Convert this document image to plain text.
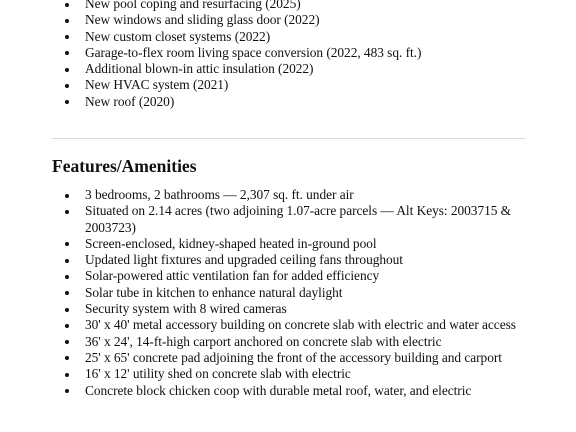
New pool coping and resurfacing (2025)
New windows and sliding glass door (2022)
New custom closet systems (2022)
Garage-to-flex room living space conversion (2022, 483 sq. ft.)
Additional blown-in attic insulation (2022)
New HVAC system (2021)
New roof (2020)
Features/Amenities
3 bedrooms, 2 bathrooms — 2,307 sq. ft. under air
Situated on 2.14 acres (two adjoining 1.07-acre parcels — Alt Keys: 2003715 & 2003723)
Screen-enclosed, kidney-shaped heated in-ground pool
Updated light fixtures and upgraded ceiling fans throughout
Solar-powered attic ventilation fan for added efficiency
Solar tube in kitchen to enhance natural daylight
Security system with 8 wired cameras
30' x 40' metal accessory building on concrete slab with electric and water access
36' x 24', 14-ft-high carport anchored on concrete slab with electric
25' x 65' concrete pad adjoining the front of the accessory building and carport
16' x 12' utility shed on concrete slab with electric
Concrete block chicken coop with durable metal roof, water, and electric
